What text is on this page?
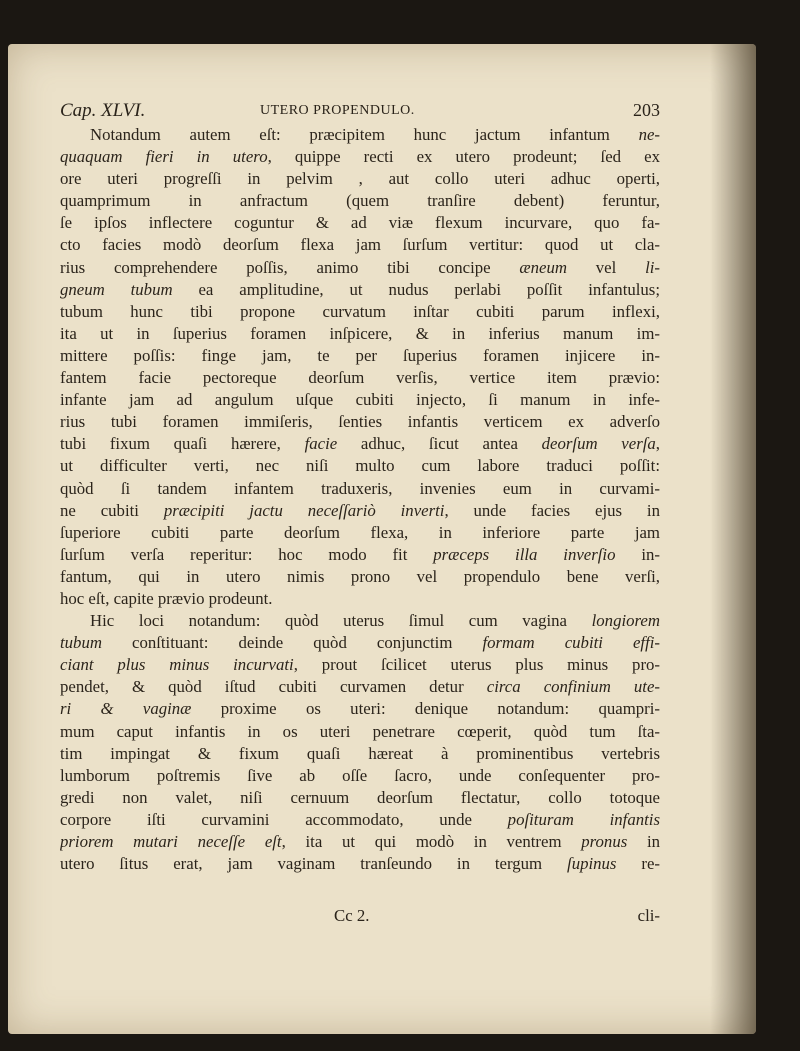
Cap. XLVI.	UTERO PROPENDULO.	203
Notandum autem eſt: præcipitem hunc jactum infantum ne-
quaquam fieri in utero, quippe recti ex utero prodeunt; ſed ex
ore uteri progreſſi in pelvim , aut collo uteri adhuc operti,
quamprimum in anfractum (quem tranſire debent) feruntur,
ſe ipſos inflectere coguntur & ad viæ flexum incurvare, quo fa-
cto facies modò deorſum flexa jam ſurſum vertitur: quod ut cla-
rius comprehendere poſſis, animo tibi concipe æneum vel li-
gneum tubum ea amplitudine, ut nudus perlabi poſſit infantulus;
tubum hunc tibi propone curvatum inſtar cubiti parum inflexi,
ita ut in ſuperius foramen inſpicere, & in inferius manum im-
mittere poſſis: finge jam, te per ſuperius foramen injicere in-
fantem facie pectoreque deorſum verſis, vertice item prævio:
infante jam ad angulum uſque cubiti injecto, ſi manum in infe-
rius tubi foramen immiſeris, ſenties infantis verticem ex adverſo
tubi fixum quaſi hærere, facie adhuc, ſicut antea deorſum verſa,
ut difficulter verti, nec niſi multo cum labore traduci poſſit:
quòd ſi tandem infantem traduxeris, invenies eum in curvami-
ne cubiti præcipiti jactu neceſſariò inverti, unde facies ejus in
ſuperiore cubiti parte deorſum flexa, in inferiore parte jam
ſurſum verſa reperitur: hoc modo fit præceps illa inverſio in-
fantum, qui in utero nimis prono vel propendulo bene verſi,
hoc eſt, capite prævio prodeunt.
Hic loci notandum: quòd uterus ſimul cum vagina longiorem
tubum conſtituant: deinde quòd conjunctim formam cubiti effi-
ciant plus minus incurvati, prout ſcilicet uterus plus minus pro-
pendet, & quòd iſtud cubiti curvamen detur circa confinium ute-
ri & vaginæ proxime os uteri: denique notandum: quampri-
mum caput infantis in os uteri penetrare cœperit, quòd tum ſta-
tim impingat & fixum quaſi hæreat à prominentibus vertebris
lumborum poſtremis ſive ab oſſe ſacro, unde conſequenter pro-
gredi non valet, niſi cernuum deorſum flectatur, collo totoque
corpore iſti curvamini accommodato, unde poſituram infantis
priorem mutari neceſſe eſt, ita ut qui modò in ventrem pronus in
utero ſitus erat, jam vaginam tranſeundo in tergum ſupinus re-
Cc 2.	cli-
